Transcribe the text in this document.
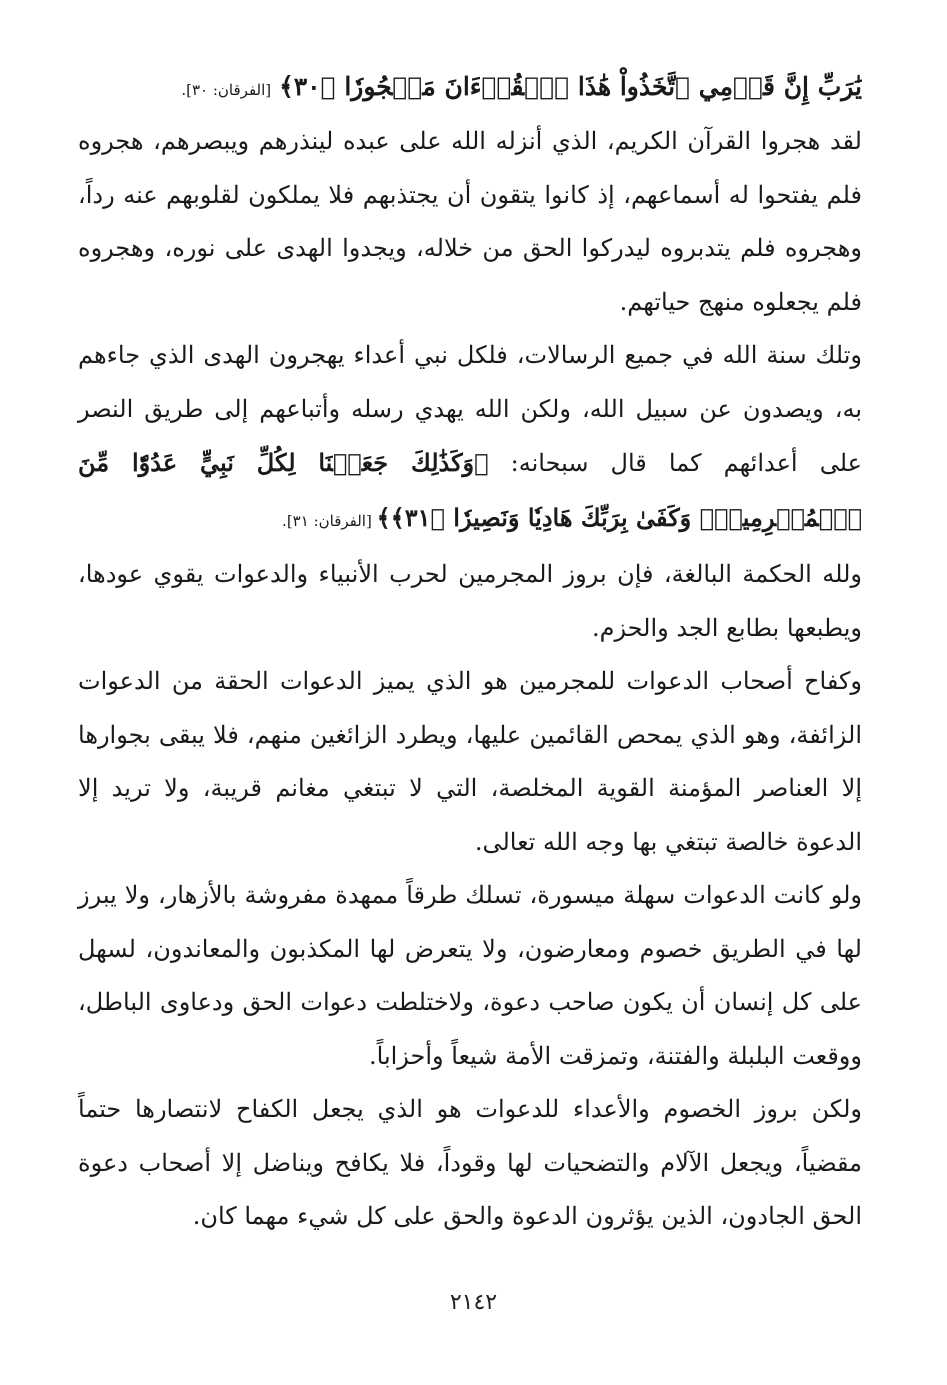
يَٰرَبِّ إِنَّ قَوۡمِي ٱتَّخَذُواْ هَٰذَا ٱلۡقُرۡءَانَ مَهۡجُورٗا ﴿٣٠﴾ [الفرقان: ٣٠].

لقد هجروا القرآن الكريم، الذي أنزله الله على عبده لينذرهم ويبصرهم، هجروه فلم يفتحوا له أسماعهم، إذ كانوا يتقون أن يجتذبهم فلا يملكون لقلوبهم عنه رداً، وهجروه فلم يتدبروه ليدركوا الحق من خلاله، ويجدوا الهدى على نوره، وهجروه فلم يجعلوه منهج حياتهم.

وتلك سنة الله في جميع الرسالات، فلكل نبي أعداء يهجرون الهدى الذي جاءهم به، ويصدون عن سبيل الله، ولكن الله يهدي رسله وأتباعهم إلى طريق النصر على أعدائهم كما قال سبحانه: ﴿وَكَذَٰلِكَ جَعَلۡنَا لِكُلِّ نَبِيٍّ عَدُوّٗا مِّنَ ٱلۡمُجۡرِمِينَۗ وَكَفَىٰ بِرَبِّكَ هَادِيٗا وَنَصِيرٗا ﴿٣١﴾﴾ [الفرقان: ٣١].

ولله الحكمة البالغة، فإن بروز المجرمين لحرب الأنبياء والدعوات يقوي عودها، ويطبعها بطابع الجد والحزم.

وكفاح أصحاب الدعوات للمجرمين هو الذي يميز الدعوات الحقة من الدعوات الزائفة، وهو الذي يمحص القائمين عليها، ويطرد الزائغين منهم، فلا يبقى بجوارها إلا العناصر المؤمنة القوية المخلصة، التي لا تبتغي مغانم قريبة، ولا تريد إلا الدعوة خالصة تبتغي بها وجه الله تعالى.

ولو كانت الدعوات سهلة ميسورة، تسلك طرقاً ممهدة مفروشة بالأزهار، ولا يبرز لها في الطريق خصوم ومعارضون، ولا يتعرض لها المكذبون والمعاندون، لسهل على كل إنسان أن يكون صاحب دعوة، ولاختلطت دعوات الحق ودعاوى الباطل، ووقعت البلبلة والفتنة، وتمزقت الأمة شيعاً وأحزاباً.

ولكن بروز الخصوم والأعداء للدعوات هو الذي يجعل الكفاح لانتصارها حتماً مقضياً، ويجعل الآلام والتضحيات لها وقوداً، فلا يكافح ويناضل إلا أصحاب دعوة الحق الجادون، الذين يؤثرون الدعوة والحق على كل شيء مهما كان.

٢١٤٢
